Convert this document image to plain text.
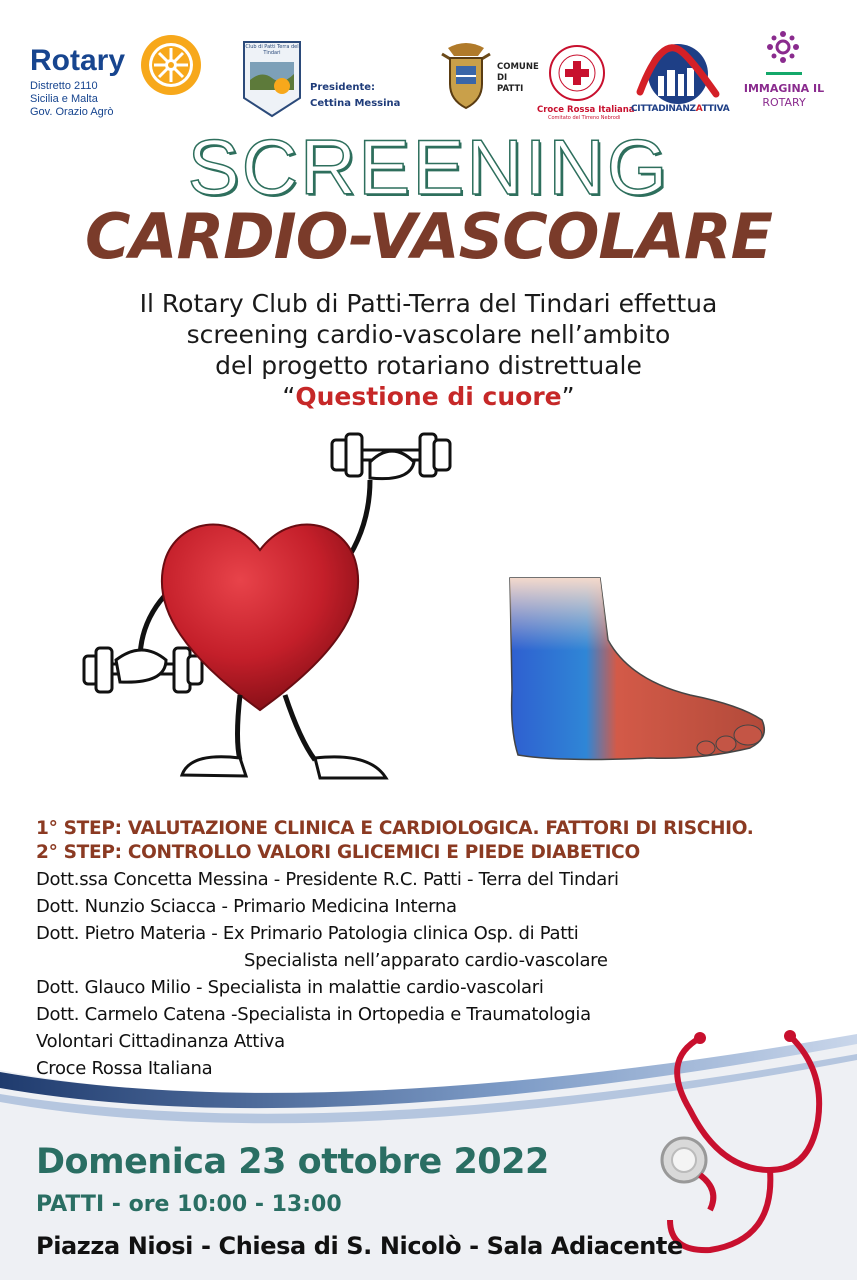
Rotary
Distretto 2110
Sicilia e Malta
Gov. Orazio Agrò
Club di Patti Terra del Tindari
Presidente:
Cettina Messina
COMUNE
DI
PATTI
Croce Rossa Italiana
Comitato del Tirreno Nebrodi
CITTADINANZATTIVA
IMMAGINA IL
ROTARY
SCREENING
CARDIO-VASCOLARE
Il Rotary Club di Patti-Terra del Tindari effettua
screening cardio-vascolare nell’ambito
del progetto rotariano distrettuale
“Questione di cuore”
1° STEP: VALUTAZIONE CLINICA E CARDIOLOGICA. FATTORI DI RISCHIO.
2° STEP: CONTROLLO VALORI GLICEMICI E PIEDE DIABETICO
Dott.ssa Concetta Messina - Presidente R.C. Patti - Terra del Tindari
Dott. Nunzio Sciacca - Primario Medicina Interna
Dott. Pietro Materia - Ex Primario Patologia clinica Osp. di Patti
Specialista nell’apparato cardio-vascolare
Dott. Glauco Milio - Specialista in malattie cardio-vascolari
Dott. Carmelo Catena -Specialista in Ortopedia e Traumatologia
Volontari Cittadinanza Attiva
Croce Rossa Italiana
Domenica 23 ottobre 2022
PATTI - ore 10:00 - 13:00
Piazza Niosi - Chiesa di S. Nicolò - Sala Adiacente
